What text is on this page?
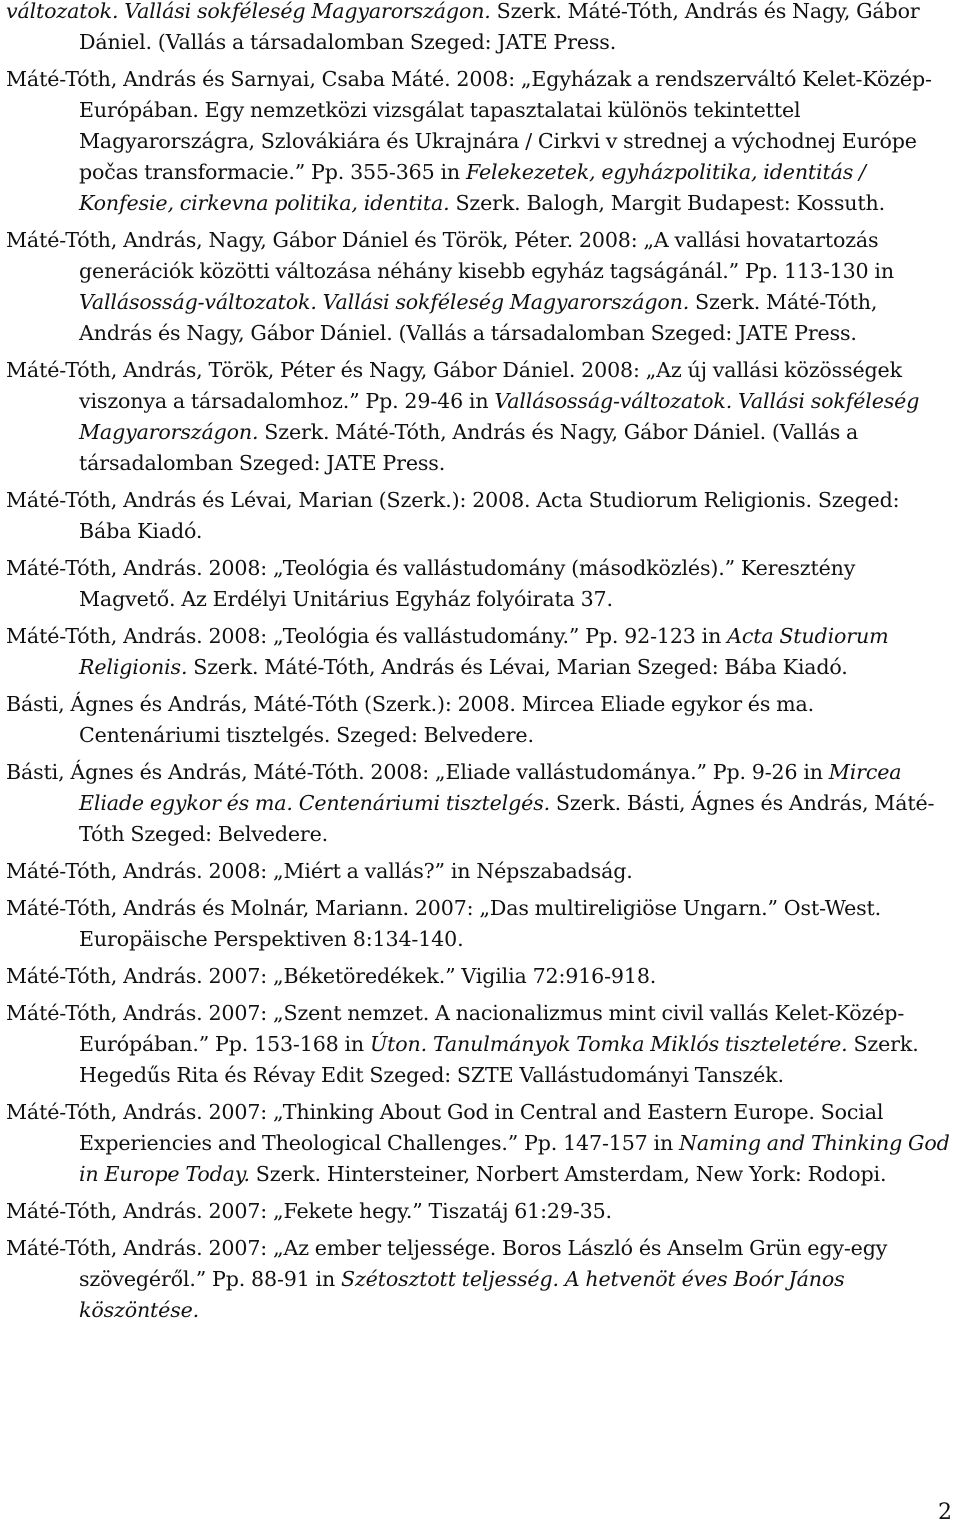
változatok. Vallási sokféleség Magyarországon. Szerk. Máté-Tóth, András és Nagy, Gábor Dániel. (Vallás a társadalomban Szeged: JATE Press.
Máté-Tóth, András és Sarnyai, Csaba Máté. 2008: „Egyházak a rendszerváltó Kelet-Közép-Európában. Egy nemzetközi vizsgálat tapasztalatai különös tekintettel Magyarországra, Szlovákiára és Ukrajnára / Cirkvi v strednej a východnej Európe počas transformacie.” Pp. 355-365 in Felekezetek, egyházpolitika, identitás / Konfesie, cirkevna politika, identita. Szerk. Balogh, Margit Budapest: Kossuth.
Máté-Tóth, András, Nagy, Gábor Dániel és Török, Péter. 2008: „A vallási hovatartozás generációk közötti változása néhány kisebb egyház tagságánál.” Pp. 113-130 in Vallásosság-változatok. Vallási sokféleség Magyarországon. Szerk. Máté-Tóth, András és Nagy, Gábor Dániel. (Vallás a társadalomban Szeged: JATE Press.
Máté-Tóth, András, Török, Péter és Nagy, Gábor Dániel. 2008: „Az új vallási közösségek viszonya a társadalomhoz.” Pp. 29-46 in Vallásosság-változatok. Vallási sokféleség Magyarországon. Szerk. Máté-Tóth, András és Nagy, Gábor Dániel. (Vallás a társadalomban Szeged: JATE Press.
Máté-Tóth, András és Lévai, Marian (Szerk.): 2008. Acta Studiorum Religionis. Szeged: Bába Kiadó.
Máté-Tóth, András. 2008: „Teológia és vallástudomány (másodközlés).” Keresztény Magvető. Az Erdélyi Unitárius Egyház folyóirata 37.
Máté-Tóth, András. 2008: „Teológia és vallástudomány.” Pp. 92-123 in Acta Studiorum Religionis. Szerk. Máté-Tóth, András és Lévai, Marian Szeged: Bába Kiadó.
Básti, Ágnes és András, Máté-Tóth (Szerk.): 2008. Mircea Eliade egykor és ma. Centenáriumi tisztelgés. Szeged: Belvedere.
Básti, Ágnes és András, Máté-Tóth. 2008: „Eliade vallástudománya.” Pp. 9-26 in Mircea Eliade egykor és ma. Centenáriumi tisztelgés. Szerk. Básti, Ágnes és András, Máté-Tóth Szeged: Belvedere.
Máté-Tóth, András. 2008: „Miért a vallás?” in Népszabadság.
Máté-Tóth, András és Molnár, Mariann. 2007: „Das multireligiöse Ungarn.” Ost-West. Europäische Perspektiven 8:134-140.
Máté-Tóth, András. 2007: „Béketöredékek.” Vigilia 72:916-918.
Máté-Tóth, András. 2007: „Szent nemzet. A nacionalizmus mint civil vallás Kelet-Közép-Európában.” Pp. 153-168 in Úton. Tanulmányok Tomka Miklós tiszteletére. Szerk. Hegedűs Rita és Révay Edit Szeged: SZTE Vallástudományi Tanszék.
Máté-Tóth, András. 2007: „Thinking About God in Central and Eastern Europe. Social Experiencies and Theological Challenges.” Pp. 147-157 in Naming and Thinking God in Europe Today. Szerk. Hintersteiner, Norbert Amsterdam, New York: Rodopi.
Máté-Tóth, András. 2007: „Fekete hegy.” Tiszatáj 61:29-35.
Máté-Tóth, András. 2007: „Az ember teljessége. Boros László és Anselm Grün egy-egy szövegéről.” Pp. 88-91 in Szétosztott teljesség. A hetvenöt éves Boór János köszöntése.
2
